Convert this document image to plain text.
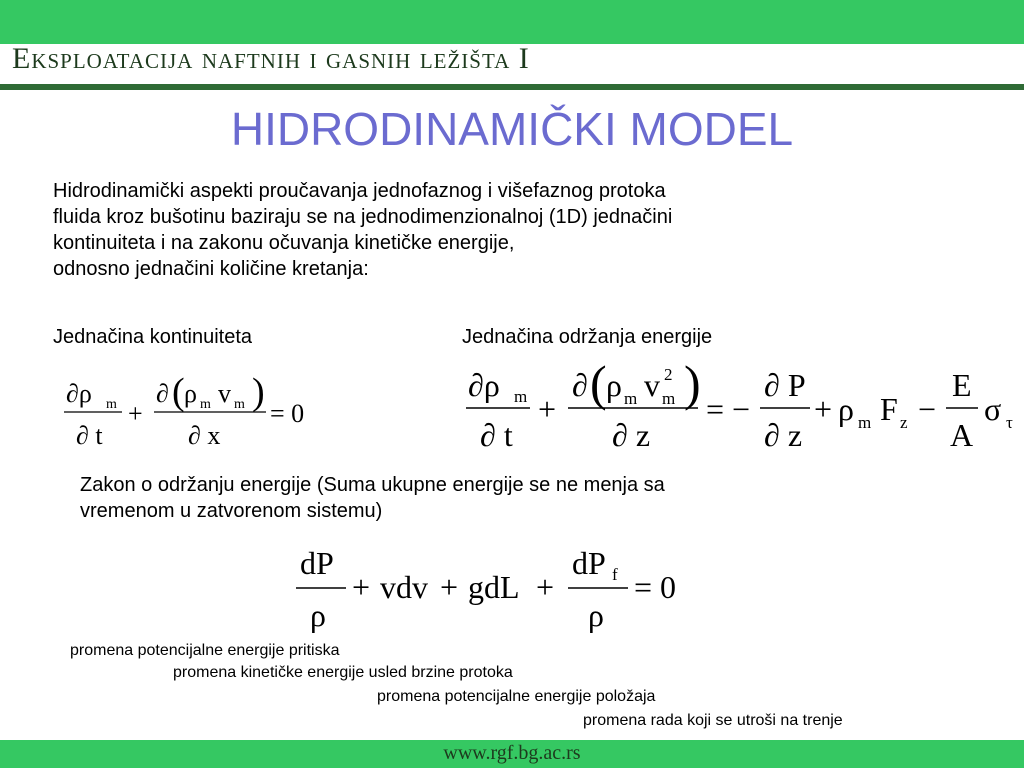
Eksploatacija naftnih i gasnih ležišta I
HIDRODINAMIČKI MODEL
Hidrodinamički aspekti proučavanja jednofaznog i višefaznog protoka
fluida kroz bušotinu baziraju se na jednodimenzionalnoj (1D) jednačini
kontinuiteta i na zakonu očuvanja kinetičke energije,
odnosno jednačini količine kretanja:
Jednačina kontinuiteta	Jednačina održanja energije
∂ρ m
∂ t
+
∂ ( ρ m v m )
∂ x
= 0
∂ρ m
∂ t
+
∂ ( ρ m v 2
m )
∂ z
= −
∂ P
∂ z
+ ρ m F z −
E
A
σ τ
Zakon o održanju energije (Suma ukupne energije se ne menja sa
vremenom u zatvorenom sistemu)
dP
ρ
+ vdv + gdL +
dP f
ρ
= 0
promena potencijalne energije pritiska
promena kinetičke energije usled brzine protoka
promena potencijalne energije položaja
promena rada koji se utroši na trenje
www.rgf.bg.ac.rs
